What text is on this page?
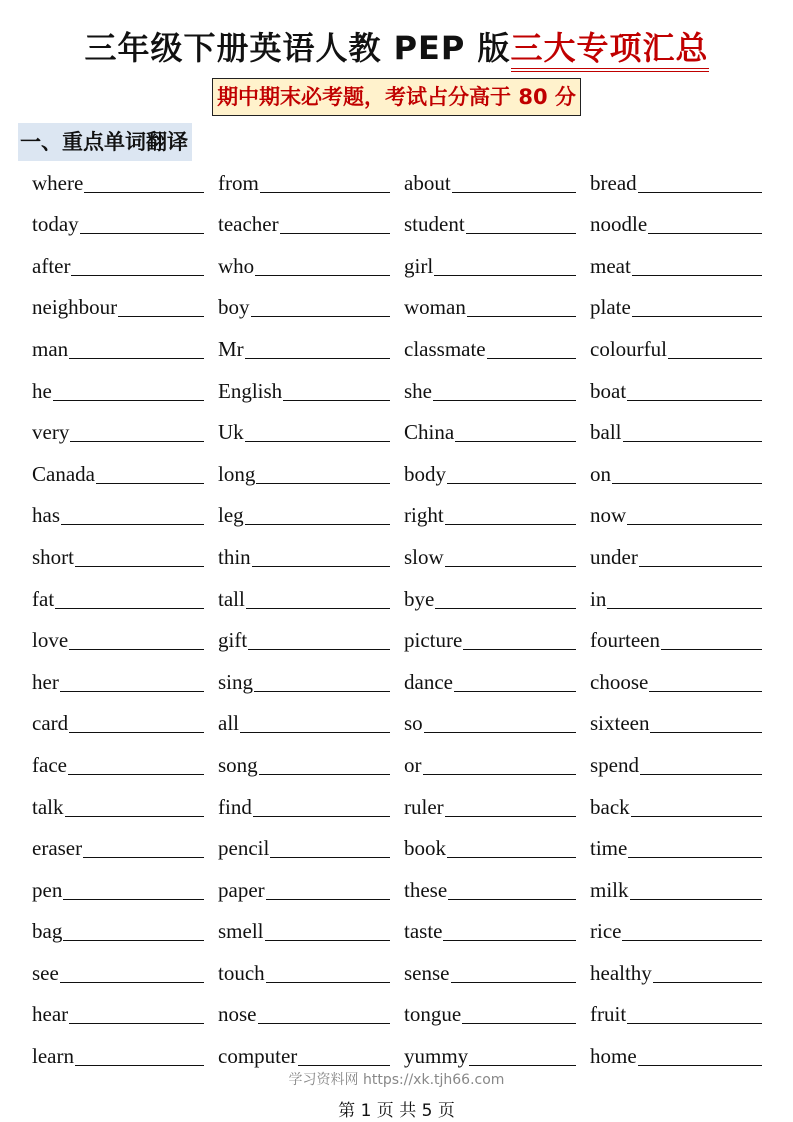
三年级下册英语人教 PEP 版三大专项汇总
期中期末必考题，考试占分高于 80 分
一、重点单词翻译
where	from	about	bread
today	teacher	student	noodle
after	who	girl	meat
neighbour	boy	woman	plate
man	Mr	classmate	colourful
he	English	she	boat
very	Uk	China	ball
Canada	long	body	on
has	leg	right	now
short	thin	slow	under
fat	tall	bye	in
love	gift	picture	fourteen
her	sing	dance	choose
card	all	so	sixteen
face	song	or	spend
talk	find	ruler	back
eraser	pencil	book	time
pen	paper	these	milk
bag	smell	taste	rice
see	touch	sense	healthy
hear	nose	tongue	fruit
learn	computer	yummy	home
学习资料网 https://xk.tjh66.com
第 1 页 共 5 页
